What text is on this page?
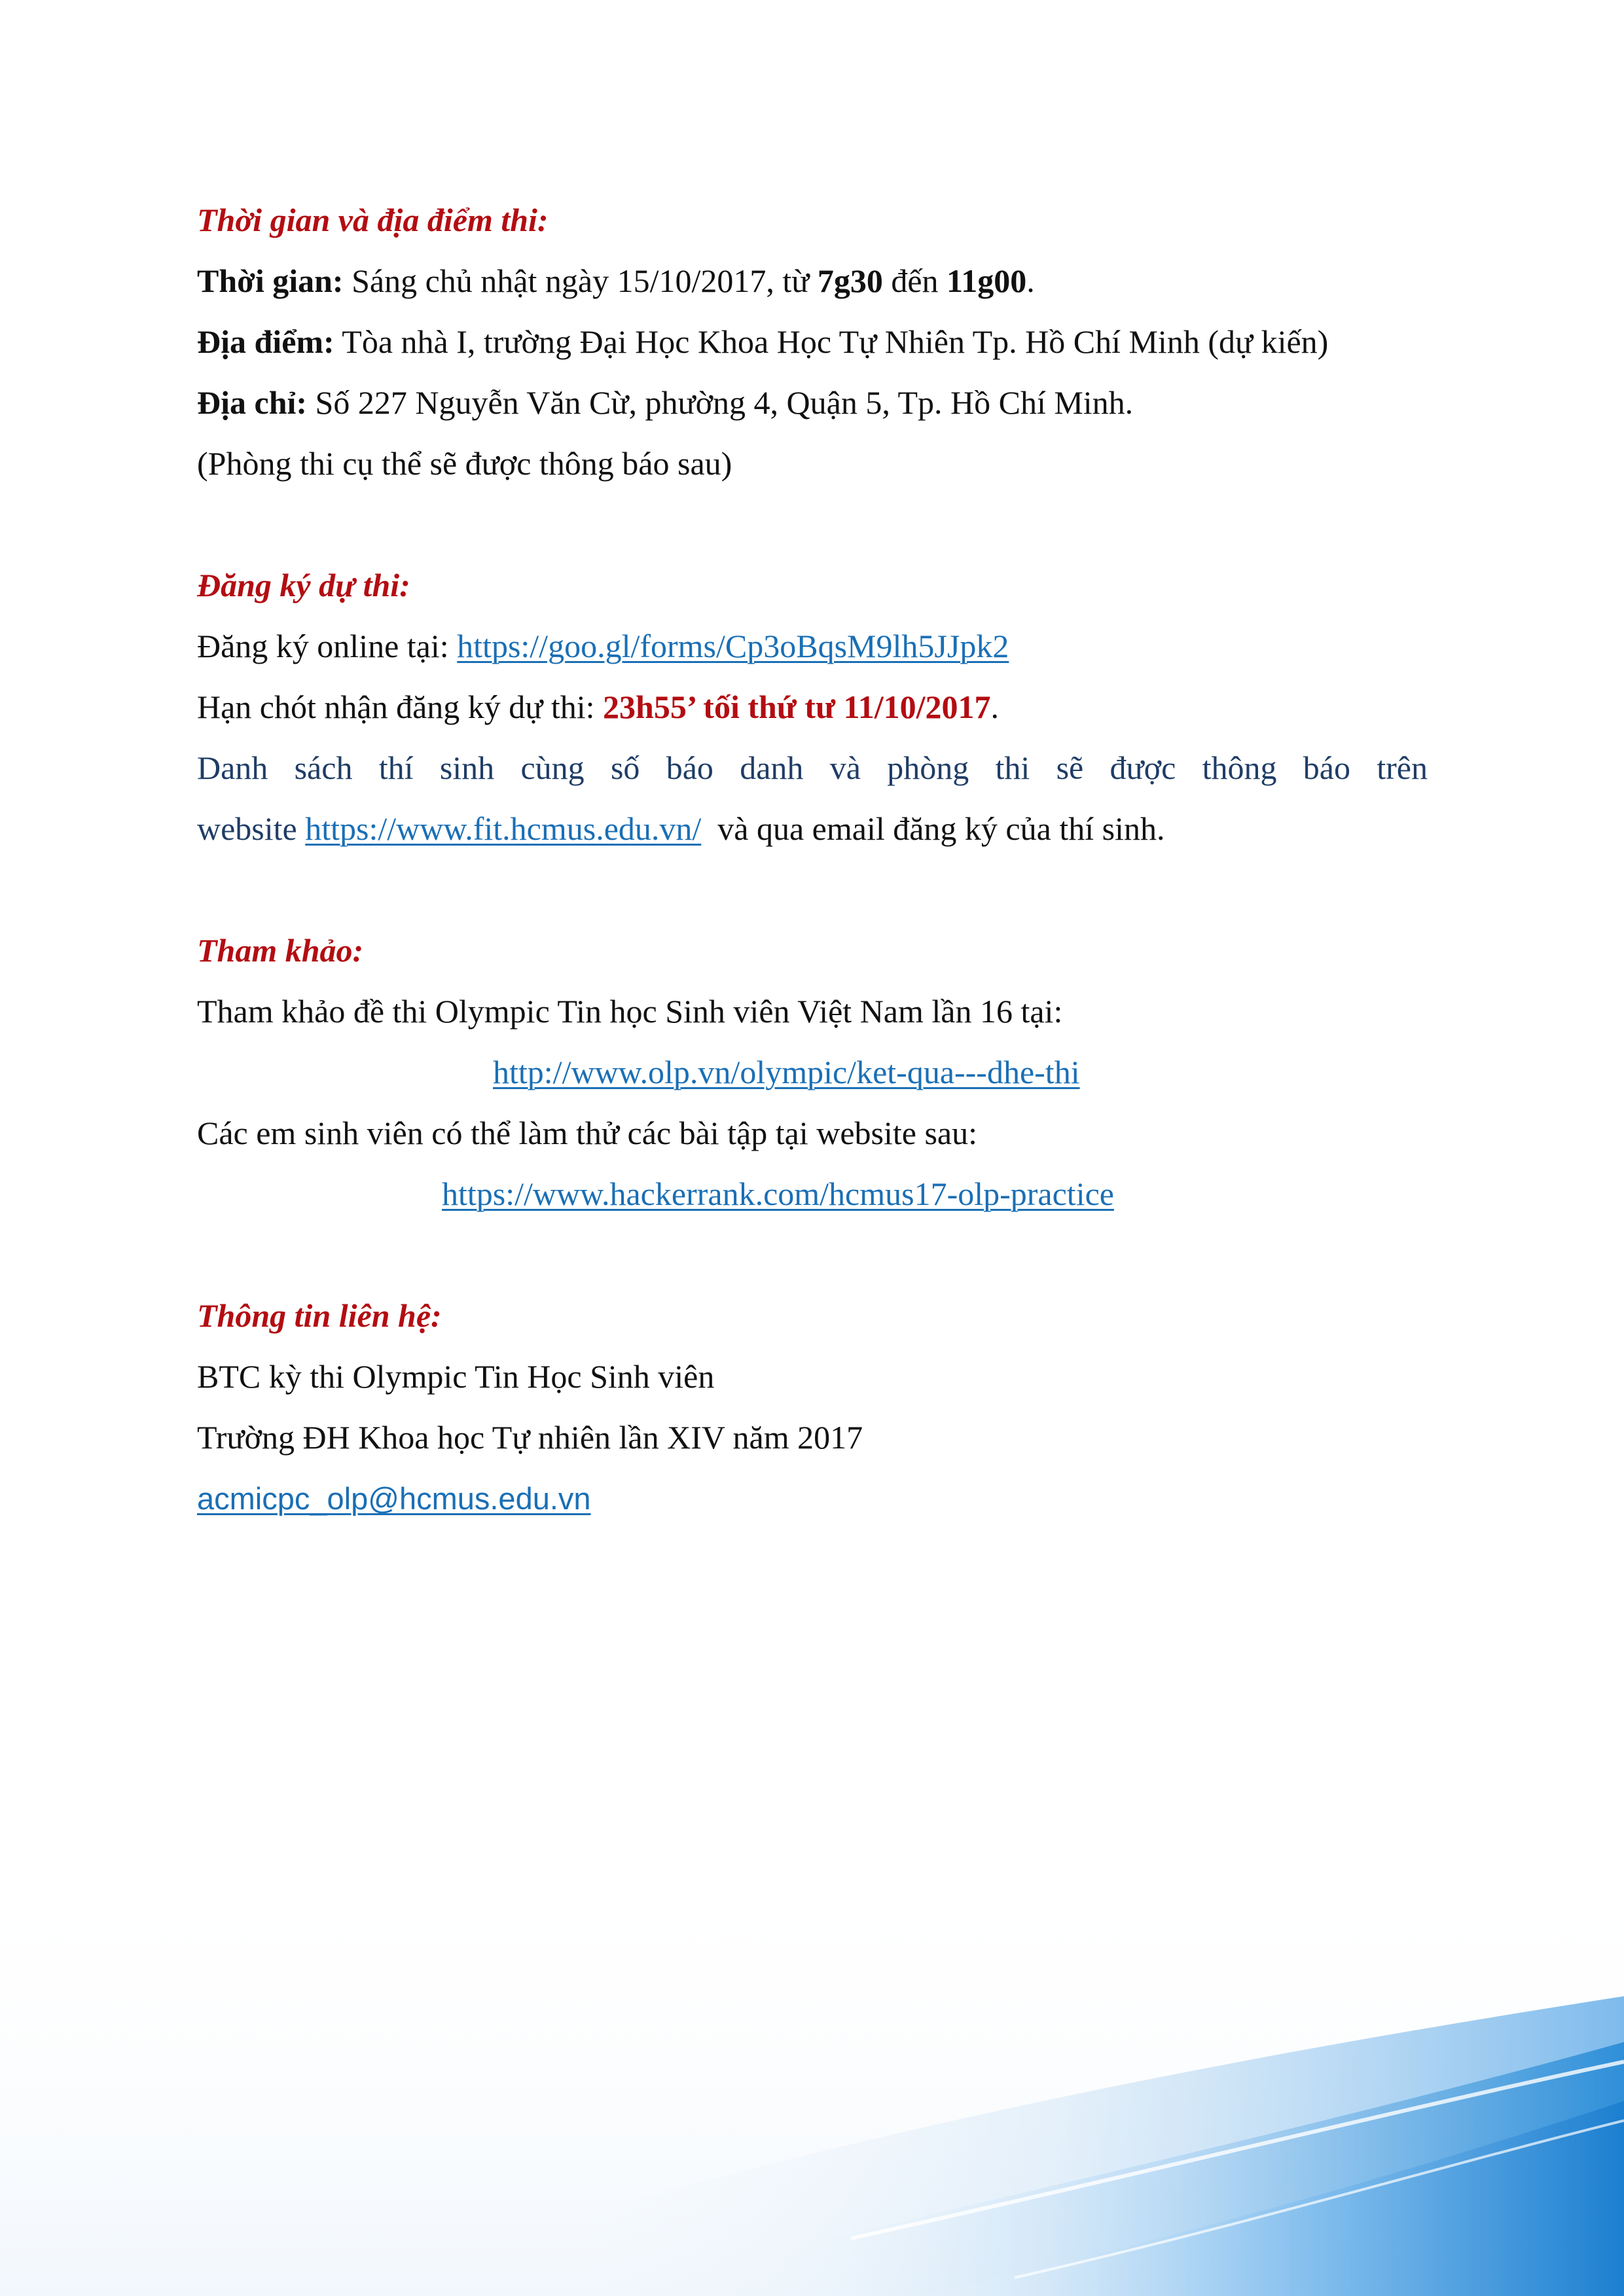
Thời gian và địa điểm thi:
Thời gian: Sáng chủ nhật ngày 15/10/2017, từ 7g30 đến 11g00.
Địa điểm: Tòa nhà I, trường Đại Học Khoa Học Tự Nhiên Tp. Hồ Chí Minh (dự kiến)
Địa chỉ: Số 227 Nguyễn Văn Cừ, phường 4, Quận 5, Tp. Hồ Chí Minh.
(Phòng thi cụ thể sẽ được thông báo sau)
Đăng ký dự thi:
Đăng ký online tại: https://goo.gl/forms/Cp3oBqsM9lh5JJpk2
Hạn chót nhận đăng ký dự thi: 23h55’ tối thứ tư 11/10/2017.
Danh sách thí sinh cùng số báo danh và phòng thi sẽ được thông báo trên
website https://www.fit.hcmus.edu.vn/  và qua email đăng ký của thí sinh.
Tham khảo:
Tham khảo đề thi Olympic Tin học Sinh viên Việt Nam lần 16 tại:
http://www.olp.vn/olympic/ket-qua---dhe-thi
Các em sinh viên có thể làm thử các bài tập tại website sau:
https://www.hackerrank.com/hcmus17-olp-practice
Thông tin liên hệ:
BTC kỳ thi Olympic Tin Học Sinh viên
Trường ĐH Khoa học Tự nhiên lần XIV năm 2017
acmicpc_olp@hcmus.edu.vn
